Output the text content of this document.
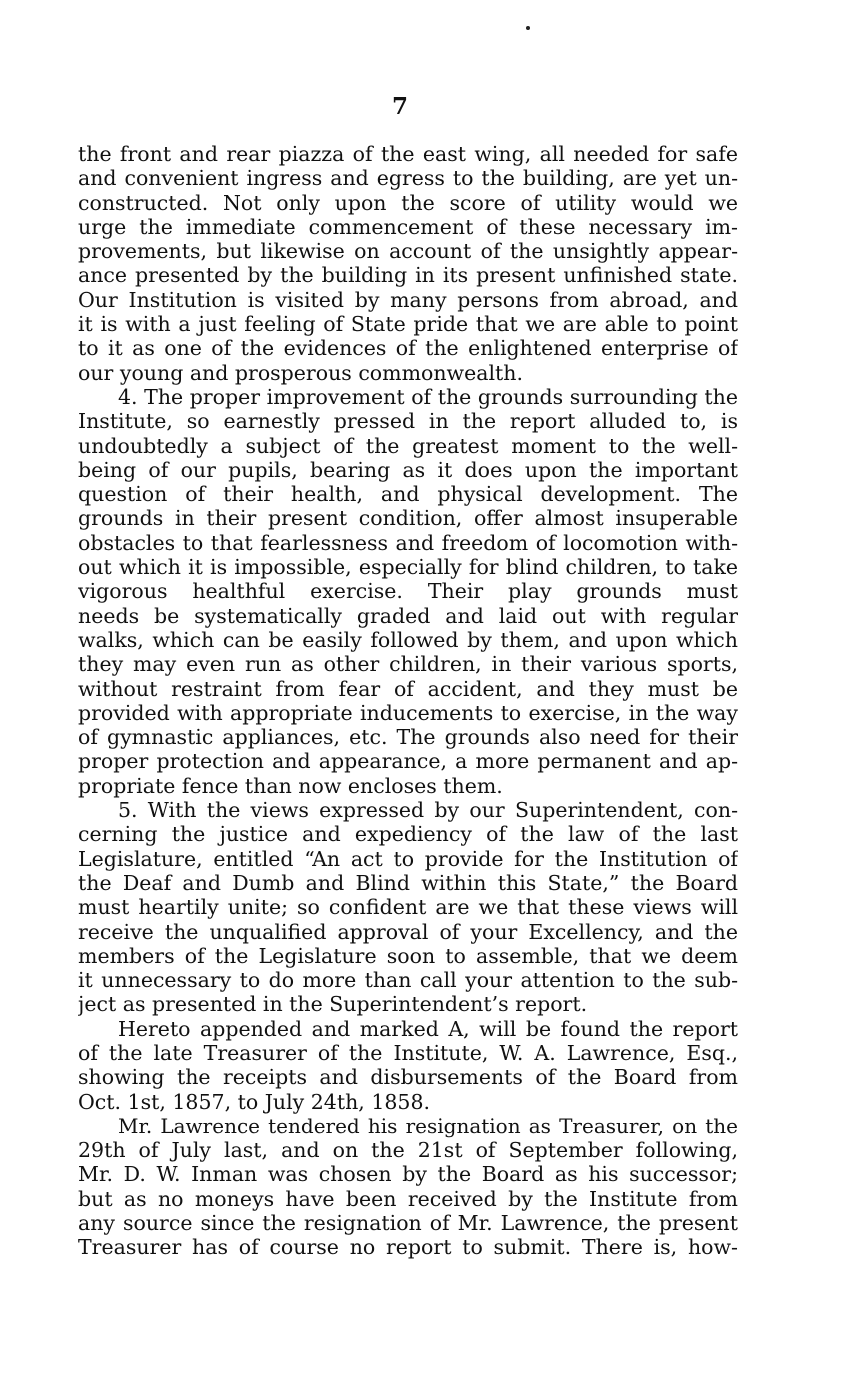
7
the front and rear piazza of the east wing, all needed for safe
and convenient ingress and egress to the building, are yet un-
constructed. Not only upon the score of utility would we
urge the immediate commencement of these necessary im-
provements, but likewise on account of the unsightly appear-
ance presented by the building in its present unfinished state.
Our Institution is visited by many persons from abroad, and
it is with a just feeling of State pride that we are able to point
to it as one of the evidences of the enlightened enterprise of
our young and prosperous commonwealth.
4. The proper improvement of the grounds surrounding the
Institute, so earnestly pressed in the report alluded to, is
undoubtedly a subject of the greatest moment to the well-
being of our pupils, bearing as it does upon the important
question of their health, and physical development. The
grounds in their present condition, offer almost insuperable
obstacles to that fearlessness and freedom of locomotion with-
out which it is impossible, especially for blind children, to take
vigorous healthful exercise. Their play grounds must
needs be systematically graded and laid out with regular
walks, which can be easily followed by them, and upon which
they may even run as other children, in their various sports,
without restraint from fear of accident, and they must be
provided with appropriate inducements to exercise, in the way
of gymnastic appliances, etc. The grounds also need for their
proper protection and appearance, a more permanent and ap-
propriate fence than now encloses them.
5. With the views expressed by our Superintendent, con-
cerning the justice and expediency of the law of the last
Legislature, entitled “An act to provide for the Institution of
the Deaf and Dumb and Blind within this State,” the Board
must heartily unite; so confident are we that these views will
receive the unqualified approval of your Excellency, and the
members of the Legislature soon to assemble, that we deem
it unnecessary to do more than call your attention to the sub-
ject as presented in the Superintendent’s report.
Hereto appended and marked A, will be found the report
of the late Treasurer of the Institute, W. A. Lawrence, Esq.,
showing the receipts and disbursements of the Board from
Oct. 1st, 1857, to July 24th, 1858.
Mr. Lawrence tendered his resignation as Treasurer, on the
29th of July last, and on the 21st of September following,
Mr. D. W. Inman was chosen by the Board as his successor;
but as no moneys have been received by the Institute from
any source since the resignation of Mr. Lawrence, the present
Treasurer has of course no report to submit. There is, how-
